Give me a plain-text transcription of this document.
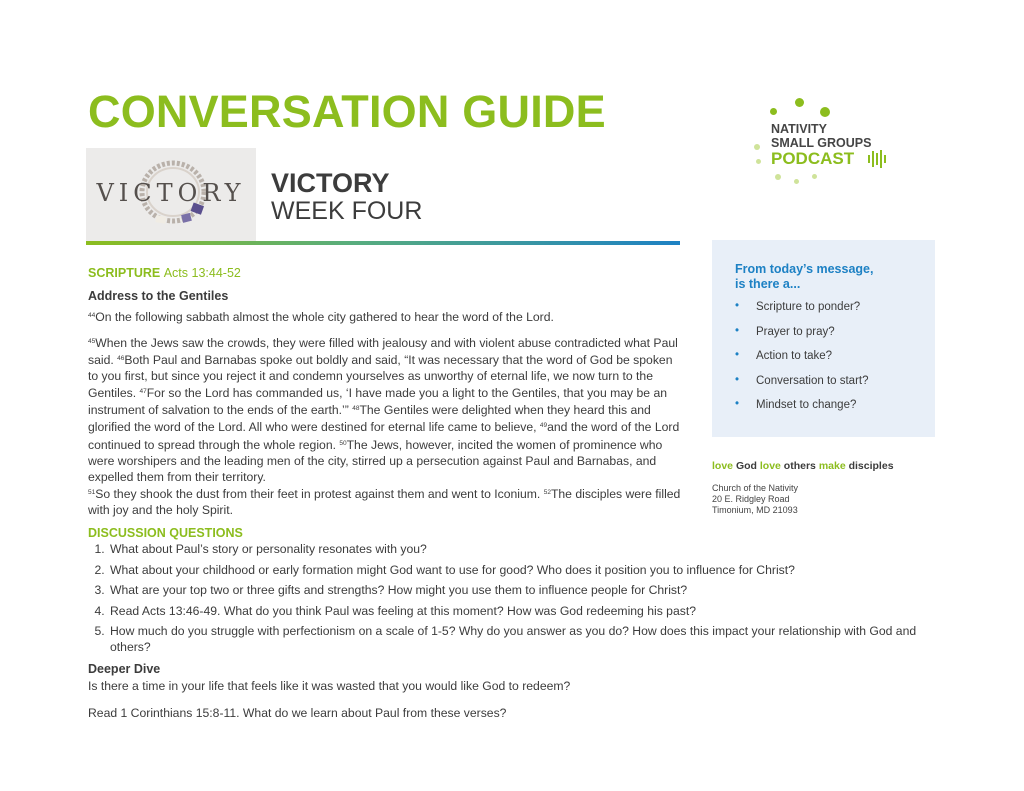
CONVERSATION GUIDE
VICTORY VICTORY
WEEK FOUR
NATIVITY
SMALL GROUPS
PODCAST
SCRIPTURE Acts 13:44-52
Address to the Gentiles

$^{44}$On the following sabbath almost the whole city gathered to hear the word of the Lord.

$^{45}$When the Jews saw the crowds, they were filled with jealousy and with violent abuse contradicted what Paul said. $^{46}$Both Paul and Barnabas spoke out boldly and said, “It was necessary that the word of God be spoken to you first, but since you reject it and condemn yourselves as unworthy of eternal life, we now turn to the Gentiles. $^{47}$For so the Lord has commanded us, ‘I have made you a light to the Gentiles, that you may be an instrument of salvation to the ends of the earth.’” $^{48}$The Gentiles were delighted when they heard this and glorified the word of the Lord. All who were destined for eternal life came to believe, $^{49}$and the word of the Lord continued to spread through the whole region. $^{50}$The Jews, however, incited the women of prominence who were worshipers and the leading men of the city, stirred up a persecution against Paul and Barnabas, and expelled them from their territory.

$^{51}$So they shook the dust from their feet in protest against them and went to Iconium. $^{52}$The disciples were filled with joy and the holy Spirit.

DISCUSSION QUESTIONS
1. What about Paul’s story or personality resonates with you?
2. What about your childhood or early formation might God want to use for good? Who does it position you to influence for Christ?
3. What are your top two or three gifts and strengths? How might you use them to influence people for Christ?
4. Read Acts 13:46-49. What do you think Paul was feeling at this moment? How was God redeeming his past?
5. How much do you struggle with perfectionism on a scale of 1-5? Why do you answer as you do? How does this impact your relationship with God and others?
Deeper Dive
Is there a time in your life that feels like it was wasted that you would like God to redeem?
Read 1 Corinthians 15:8-11. What do we learn about Paul from these verses?
From today’s message,
is there a...
• Scripture to ponder?
• Prayer to pray?
• Action to take?
• Conversation to start?
• Mindset to change?
love God love others make disciples
Church of the Nativity
20 E. Ridgley Road
Timonium, MD 21093
